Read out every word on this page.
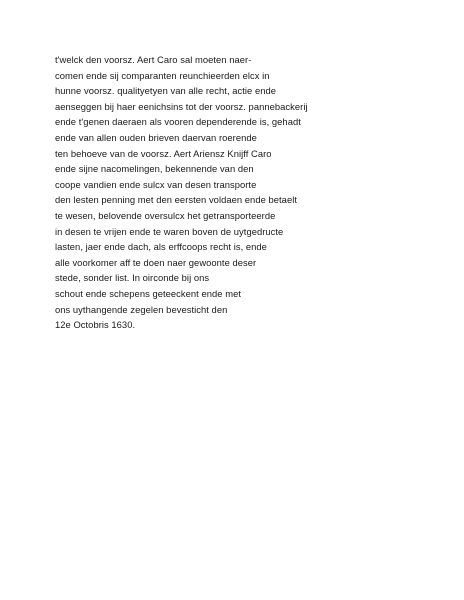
t'welck den voorsz. Aert Caro sal moeten naer-
comen ende sij comparanten reunchieerden elcx in
hunne voorsz. qualityetyen van alle recht, actie ende
aenseggen bij haer eenichsins tot der voorsz. pannebackerij
ende t'genen daeraen als vooren dependerende is, gehadt
ende van allen ouden brieven daervan roerende
ten behoeve van de voorsz. Aert Ariensz Knijff Caro
ende sijne nacomelingen, bekennende van den
coope vandien ende sulcx van desen transporte
den lesten penning met den eersten voldaen ende betaelt
te wesen, belovende oversulcx het getransporteerde
in desen te vrijen ende te waren boven de uytgedructe
lasten, jaer ende dach, als erffcoops recht is, ende
alle voorkomer aff te doen naer gewoonte deser
stede, sonder list. In oirconde bij ons
schout ende schepens geteeckent ende met
ons uythangende zegelen bevesticht den
12e Octobris 1630.
